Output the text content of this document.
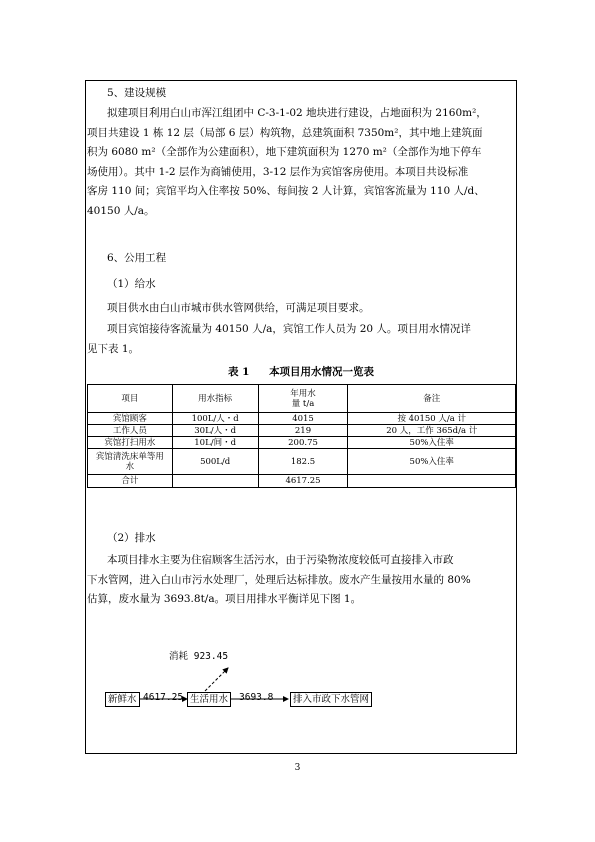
5、建设规模

拟建项目利用白山市浑江组团中 C-3-1-02 地块进行建设，占地面积为 2160m²，

项目共建设 1 栋 12 层（局部 6 层）构筑物，总建筑面积 7350m²，其中地上建筑面

积为 6080 m²（全部作为公建面积），地下建筑面积为 1270 m²（全部作为地下停车

场使用）。其中 1-2 层作为商铺使用，3-12 层作为宾馆客房使用。本项目共设标准

客房 110 间；宾馆平均入住率按 50%、每间按 2 人计算，宾馆客流量为 110 人/d、

40150 人/a。

6、公用工程
（1）给水
项目供水由白山市城市供水管网供给，可满足项目要求。

项目宾馆接待客流量为 40150 人/a，宾馆工作人员为 20 人。项目用水情况详

见下表 1。

表 1 本项目用水情况一览表
项目	用水指标	年用水量 t/a	备注
宾馆顾客	100L/人・d	4015	按 40150 人/a 计
工作人员	30L/人・d	219	20 人，工作 365d/a 计
宾馆打扫用水	10L/间・d	200.75	50%入住率
宾馆清洗床单等用水	500L/d	182.5	50%入住率
合计		4617.25	
（2）排水

本项目排水主要为住宿顾客生活污水，由于污染物浓度较低可直接排入市政

下水管网，进入白山市污水处理厂，处理后达标排放。废水产生量按用水量的 80%

估算，废水量为 3693.8t/a。项目用排水平衡详见下图 1。

消耗 923.45
新鲜水 4617.25 生活用水	3693.8	排入市政下水管网
3
